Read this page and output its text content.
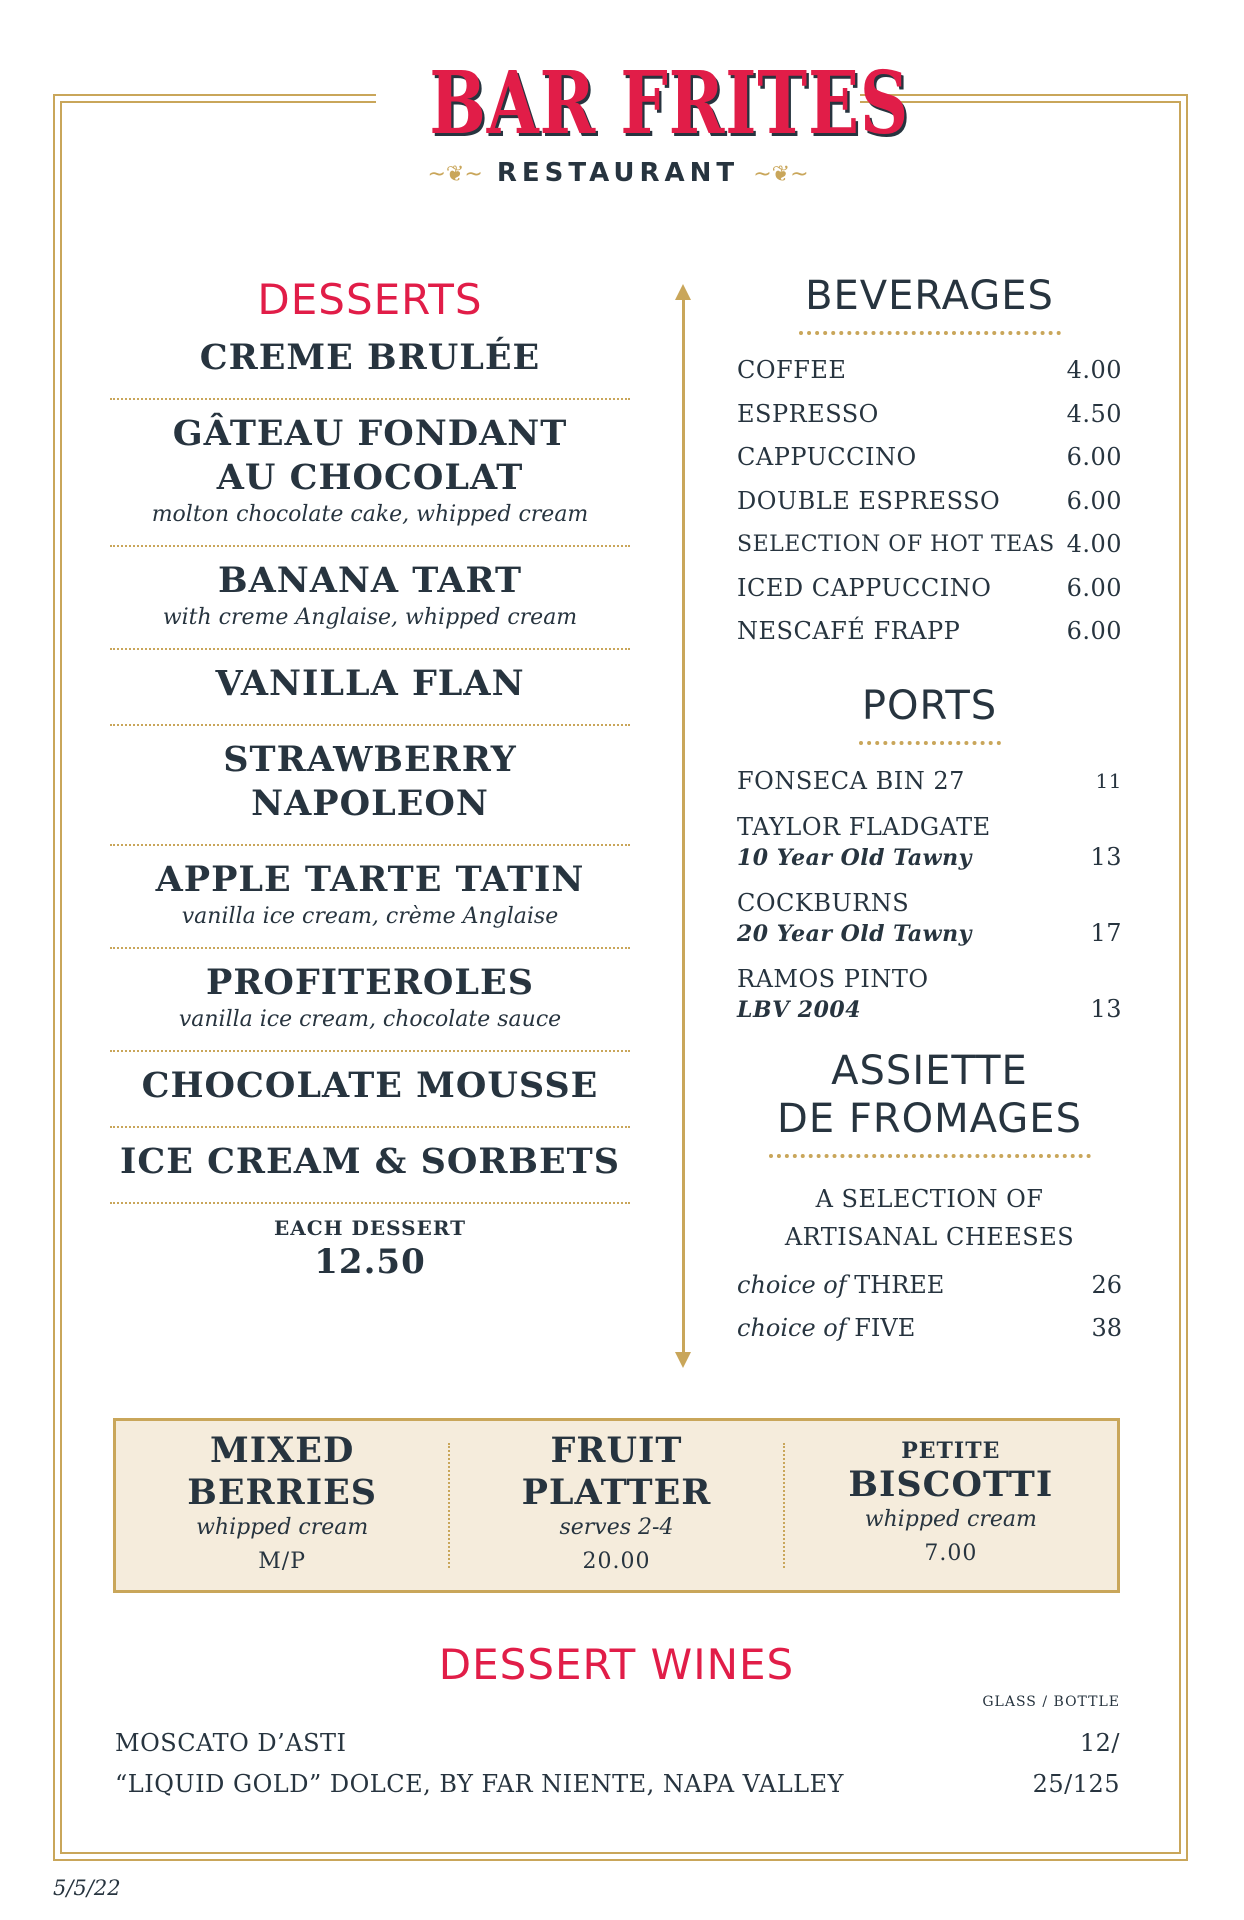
BAR FRITES
~❦~ RESTAURANT ~❦~
DESSERTS
CREME BRULÉE
GÂTEAU FONDANT
AU CHOCOLAT
molton chocolate cake, whipped cream
BANANA TART
with creme Anglaise, whipped cream
VANILLA FLAN
STRAWBERRY
NAPOLEON
APPLE TARTE TATIN
vanilla ice cream, crème Anglaise
PROFITEROLES
vanilla ice cream, chocolate sauce
CHOCOLATE MOUSSE
ICE CREAM & SORBETS
EACH DESSERT
12.50
BEVERAGES
COFFEE	4.00
ESPRESSO	4.50
CAPPUCCINO	6.00
DOUBLE ESPRESSO	6.00
SELECTION OF HOT TEAS 4.00
ICED CAPPUCCINO	6.00
NESCAFÉ FRAPP	6.00
PORTS
FONSECA BIN 27	11
TAYLOR FLADGATE
10 Year Old Tawny	13
COCKBURNS
20 Year Old Tawny	17
RAMOS PINTO
LBV 2004	13
ASSIETTE
DE FROMAGES
A SELECTION OF
ARTISANAL CHEESES
choice of THREE	26
choice of FIVE	38
MIXED BERRIES
whipped cream
M/P
FRUIT PLATTER
serves 2-4
20.00
PETITE
BISCOTTI
whipped cream
7.00
DESSERT WINES
GLASS / BOTTLE
MOSCATO D’ASTI	12/
“LIQUID GOLD” DOLCE, BY FAR NIENTE, NAPA VALLEY	25/125
5/5/22
